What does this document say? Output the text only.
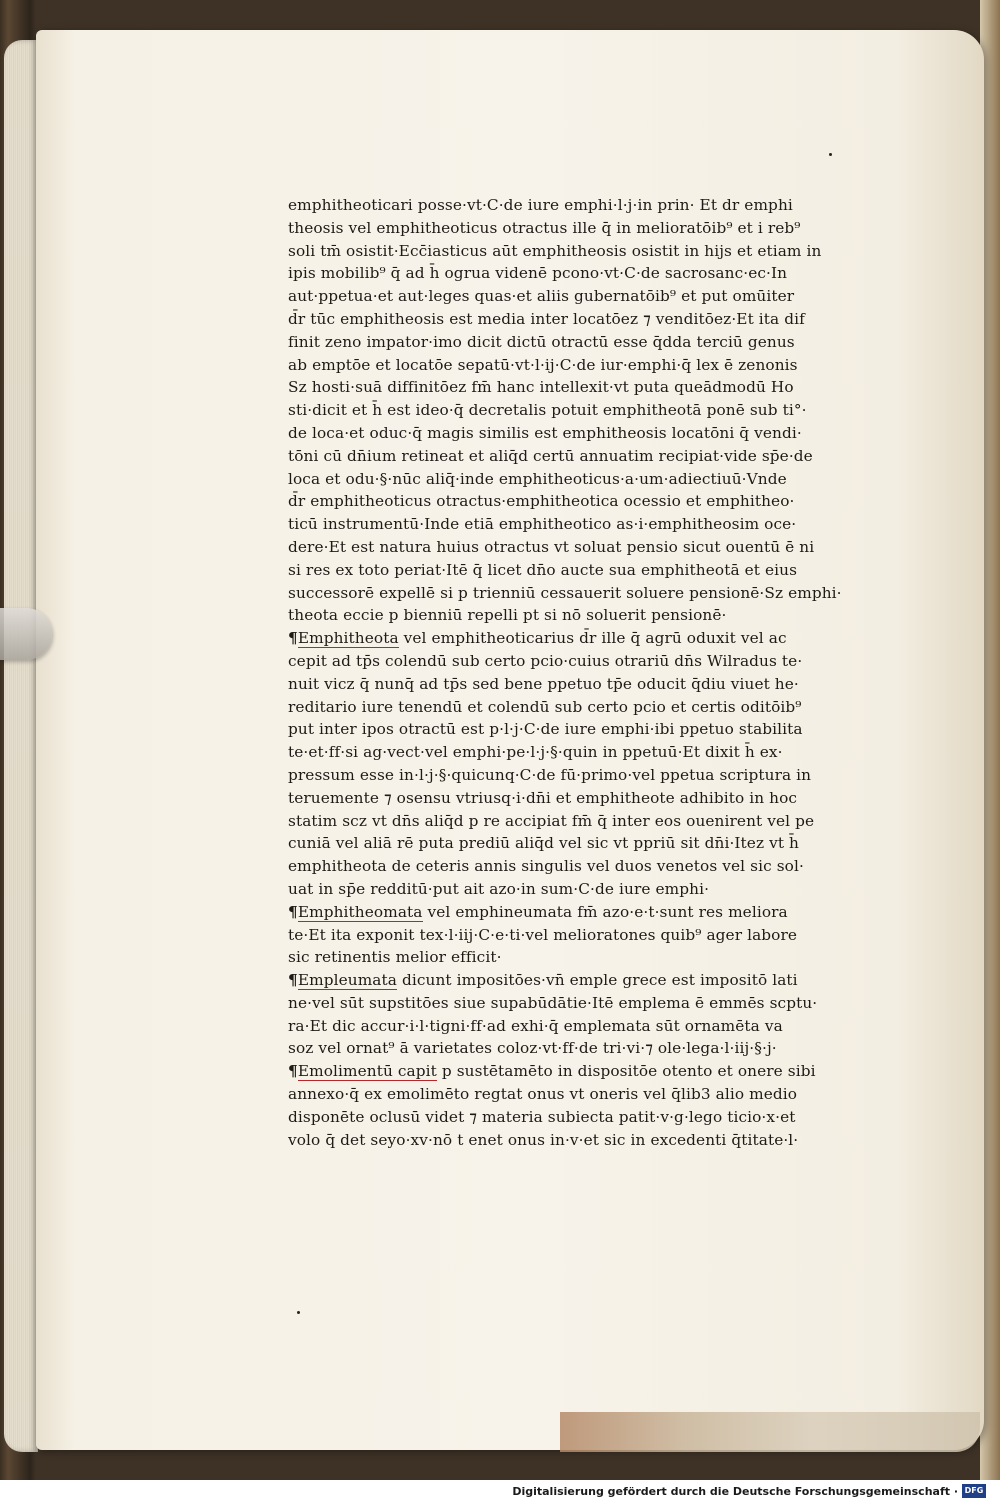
emphitheoticari posse·vt·C·de iure emphi·l·j·in prin· Et dr emphi
theosis vel emphitheoticus otractus ille q̄ in melioratōib⁹ et i reb⁹
soli tm̄ osistit·Ecc̄iasticus aūt emphitheosis osistit in hijs et etiam in
ipis mobilib⁹ q̄ ad h̄ ogrua videnē pcono·vt·C·de sacrosanc·ec·In
aut·ppetua·et aut·leges quas·et aliis gubernatōib⁹ et put omūiter
d̄r tūc emphitheosis est media inter locatōez ⁊ venditōez·Et ita dif
finit zeno impator·imo dicit dictū otractū esse q̄dda terciū genus
ab emptōe et locatōe sepatū·vt·l·ij·C·de iur·emphi·q̄ lex ē zenonis
Sz hosti·suā diffinitōez fm̄ hanc intellexit·vt puta queādmodū Ho
sti·dicit et h̄ est ideo·q̄ decretalis potuit emphitheotā ponē sub ti°·
de loca·et oduc·q̄ magis similis est emphitheosis locatōni q̄ vendi·
tōni cū dn̄ium retineat et aliq̄d certū annuatim recipiat·vide sp̄e·de
loca et odu·§·nūc aliq̄·inde emphitheoticus·a·um·adiectiuū·Vnde
d̄r emphitheoticus otractus·emphitheotica ocessio et emphitheo·
ticū instrumentū·Inde etiā emphitheotico as·i·emphitheosim oce·
dere·Et est natura huius otractus vt soluat pensio sicut ouentū ē ni
si res ex toto periat·Itē q̄ licet dn̄o aucte sua emphitheotā et eius
successorē expellē si p trienniū cessauerit soluere pensionē·Sz emphi·
theota eccie p bienniū repelli pt si nō soluerit pensionē·
¶Emphitheota vel emphitheoticarius d̄r ille q̄ agrū oduxit vel ac
cepit ad tp̄s colendū sub certo pcio·cuius otrariū dn̄s Wilradus te·
nuit vicz q̄ nunq̄ ad tp̄s sed bene ppetuo tp̄e oducit q̄diu viuet he·
reditario iure tenendū et colendū sub certo pcio et certis oditōib⁹
put inter ipos otractū est p·l·j·C·de iure emphi·ibi ppetuo stabilita
te·et·ff·si ag·vect·vel emphi·pe·l·j·§·quin in ppetuū·Et dixit h̄ ex·
pressum esse in·l·j·§·quicunq·C·de fū·primo·vel ppetua scriptura in
teruemente ⁊ osensu vtriusq·i·dn̄i et emphitheote adhibito in hoc
statim scz vt dn̄s aliq̄d p re accipiat fm̄ q̄ inter eos ouenirent vel pe
cuniā vel aliā rē puta prediū aliq̄d vel sic vt ppriū sit dn̄i·Itez vt h̄
emphitheota de ceteris annis singulis vel duos venetos vel sic sol·
uat in sp̄e redditū·put ait azo·in sum·C·de iure emphi·
¶Emphitheomata vel emphineumata fm̄ azo·e·t·sunt res meliora
te·Et ita exponit tex·l·iij·C·e·ti·vel melioratones quib⁹ ager labore
sic retinentis melior efficit·
¶Empleumata dicunt impositōes·vn̄ emple grece est impositō lati
ne·vel sūt supstitōes siue supabūdātie·Itē emplema ē emmēs scptu·
ra·Et dic accur·i·l·tigni·ff·ad exhi·q̄ emplemata sūt ornamēta va
soz vel ornat⁹ ā varietates coloz·vt·ff·de tri·vi·⁊ ole·lega·l·iij·§·j·
¶Emolimentū capit p sustētamēto in dispositōe otento et onere sibi
annexo·q̄ ex emolimēto regtat onus vt oneris vel q̄lib3 alio medio
disponēte oclusū videt ⁊ materia subiecta patit·v·g·lego ticio·x·et
volo q̄ det seyo·xv·nō t enet onus in·v·et sic in excedenti q̄titate·l·
Digitalisierung gefördert durch die Deutsche Forschungsgemeinschaft · DFG
